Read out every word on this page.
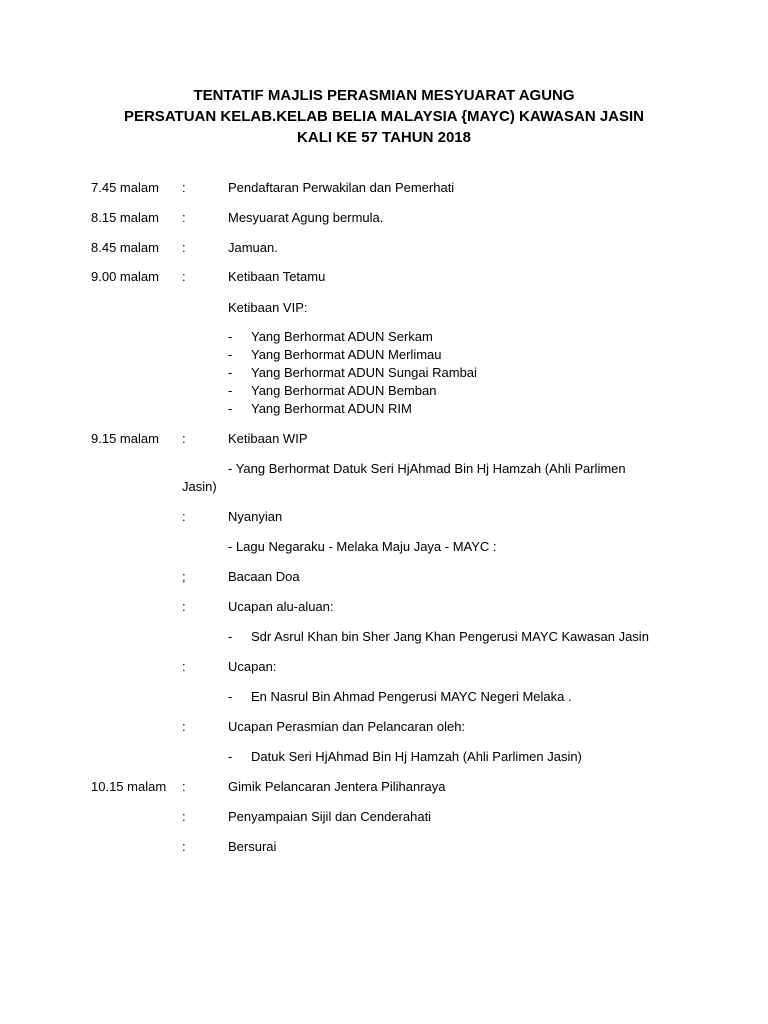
TENTATIF MAJLIS PERASMIAN MESYUARAT AGUNG
PERSATUAN KELAB.KELAB BELIA MALAYSIA {MAYC) KAWASAN JASIN
KALI KE 57 TAHUN 2018
7.45 malam :	Pendaftaran Perwakilan dan Pemerhati
8.15 malam :	Mesyuarat Agung bermula.
8.45 malam :	Jamuan.
9.00 malam :	Ketibaan Tetamu
Ketibaan VIP:
- Yang Berhormat ADUN Serkam
- Yang Berhormat ADUN Merlimau
- Yang Berhormat ADUN Sungai Rambai
- Yang Berhormat ADUN Bemban
- Yang Berhormat ADUN RIM
9.15 malam :	Ketibaan WIP
- Yang Berhormat Datuk Seri HjAhmad Bin Hj Hamzah (Ahli Parlimen
Jasin)
:	Nyanyian
- Lagu Negaraku - Melaka Maju Jaya - MAYC :
;	Bacaan Doa
:	Ucapan alu-aluan:
- Sdr Asrul Khan bin Sher Jang Khan Pengerusi MAYC Kawasan Jasin
:	Ucapan:
- En Nasrul Bin Ahmad Pengerusi MAYC Negeri Melaka .
:	Ucapan Perasmian dan Pelancaran oleh:
- Datuk Seri HjAhmad Bin Hj Hamzah (Ahli Parlimen Jasin)
10.15 malam :	Gimik Pelancaran Jentera Pilihanraya
:	Penyampaian Sijil dan Cenderahati
:	Bersurai
